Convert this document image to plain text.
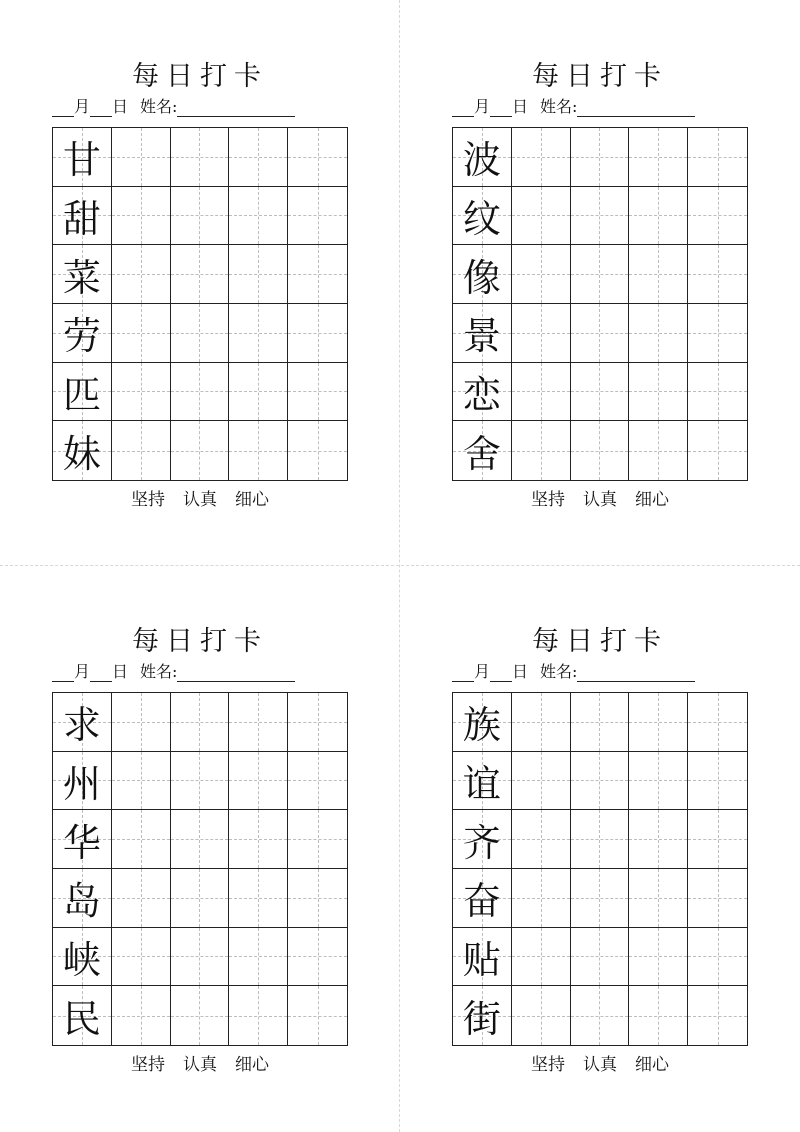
每日打卡
月 日 姓名:
甘
甜
菜
劳
匹
妹
坚持 认真 细心
每日打卡
月 日 姓名:
波
纹
像
景
恋
舍
坚持 认真 细心
每日打卡
月 日 姓名:
求
州
华
岛
峡
民
坚持 认真 细心
每日打卡
月 日 姓名:
族
谊
齐
奋
贴
街
坚持 认真 细心
